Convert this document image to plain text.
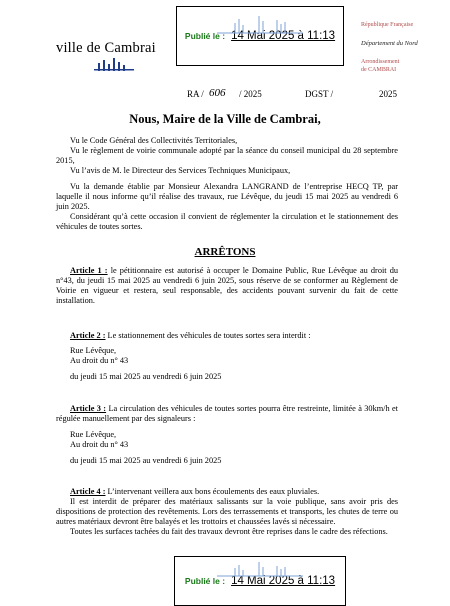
Publié le : 14 Mai 2025 à 11:13
ville de Cambrai
République Française
Département du Nord
Arrondissement
de CAMBRAI
RA / 606 / 2025	DGST /	2025
Nous, Maire de la Ville de Cambrai,

Vu le Code Général des Collectivités Territoriales,

Vu le règlement de voirie communale adopté par la séance du conseil municipal du 28 septembre 2015,

Vu l’avis de M. le Directeur des Services Techniques Municipaux,

Vu la demande établie par Monsieur Alexandra LANGRAND de l’entreprise HECQ TP, par laquelle il nous informe qu’il réalise des travaux, rue Lévêque, du jeudi 15 mai 2025 au vendredi 6 juin 2025.

Considérant qu’à cette occasion il convient de réglementer la circulation et le stationnement des véhicules de toutes sortes.

ARRÊTONS

Article 1 : le pétitionnaire est autorisé à occuper le Domaine Public, Rue Lévêque au droit du n°43, du jeudi 15 mai 2025 au vendredi 6 juin 2025, sous réserve de se conformer au Règlement de Voirie en vigueur et restera, seul responsable, des accidents pouvant survenir du fait de cette installation.

Article 2 : Le stationnement des véhicules de toutes sortes sera interdit :

Rue Lévêque,
Au droit du n° 43
du jeudi 15 mai 2025 au vendredi 6 juin 2025

Article 3 : La circulation des véhicules de toutes sortes pourra être restreinte, limitée à 30km/h et régulée manuellement par des signaleurs :

Rue Lévêque,
Au droit du n° 43
du jeudi 15 mai 2025 au vendredi 6 juin 2025

Article 4 : L’intervenant veillera aux bons écoulements des eaux pluviales.

Il est interdit de préparer des matériaux salissants sur la voie publique, sans avoir pris des dispositions de protection des revêtements. Lors des terrassements et transports, les chutes de terre ou autres matériaux devront être balayés et les trottoirs et chaussées lavés si nécessaire.

Toutes les surfaces tachées du fait des travaux devront être reprises dans le cadre des réfections.

Publié le : 14 Mai 2025 à 11:13
